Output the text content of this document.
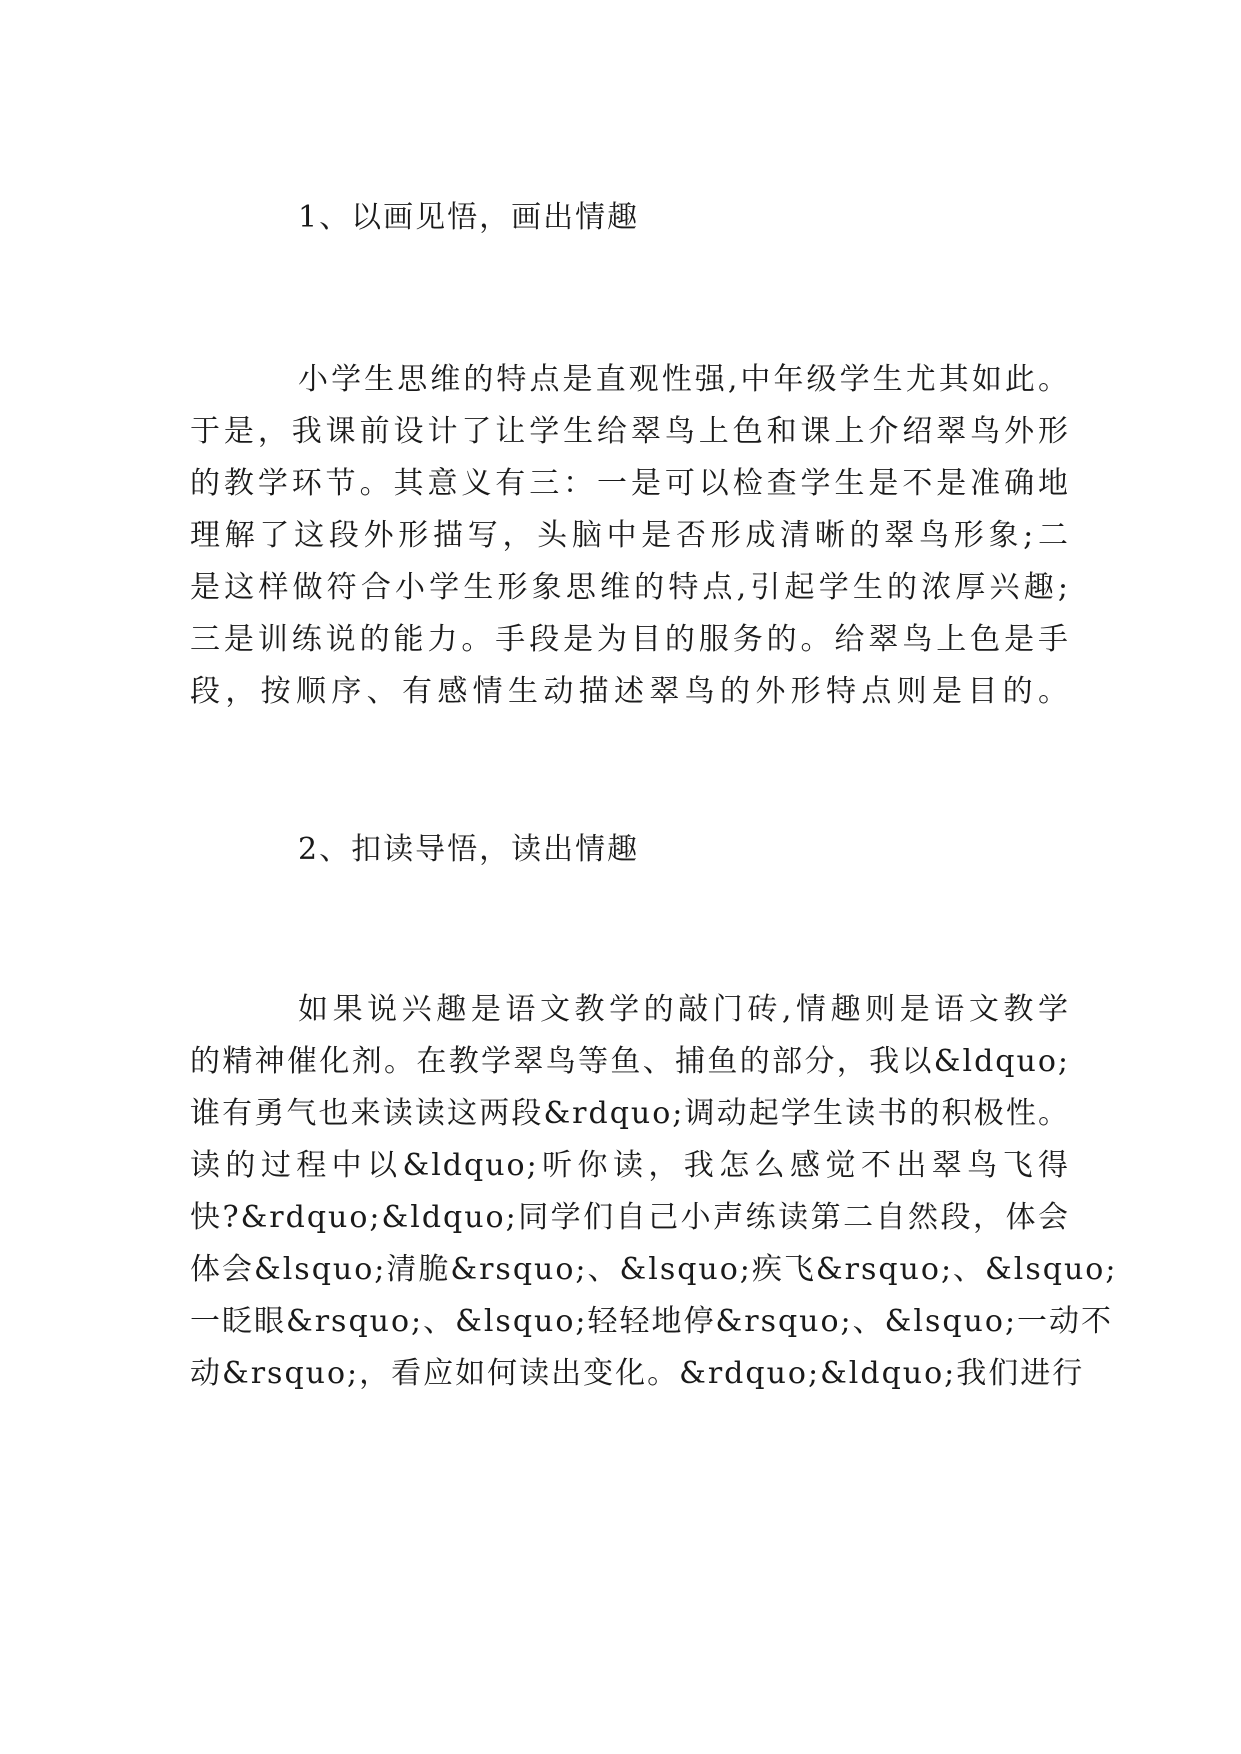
1、以画见悟，画出情趣
小学生思维的特点是直观性强,中年级学生尤其如此。
于是，我课前设计了让学生给翠鸟上色和课上介绍翠鸟外形
的教学环节。其意义有三：一是可以检查学生是不是准确地
理解了这段外形描写，头脑中是否形成清晰的翠鸟形象;二
是这样做符合小学生形象思维的特点,引起学生的浓厚兴趣;
三是训练说的能力。手段是为目的服务的。给翠鸟上色是手
段，按顺序、有感情生动描述翠鸟的外形特点则是目的。
2、扣读导悟，读出情趣
如果说兴趣是语文教学的敲门砖,情趣则是语文教学
的精神催化剂。在教学翠鸟等鱼、捕鱼的部分，我以&ldquo;
谁有勇气也来读读这两段&rdquo;调动起学生读书的积极性。
读的过程中以&ldquo;听你读，我怎么感觉不出翠鸟飞得
快?&rdquo;&ldquo;同学们自己小声练读第二自然段，体会
体会&lsquo;清脆&rsquo;、&lsquo;疾飞&rsquo;、&lsquo;
一眨眼&rsquo;、&lsquo;轻轻地停&rsquo;、&lsquo;一动不
动&rsquo;，看应如何读出变化。&rdquo;&ldquo;我们进行
